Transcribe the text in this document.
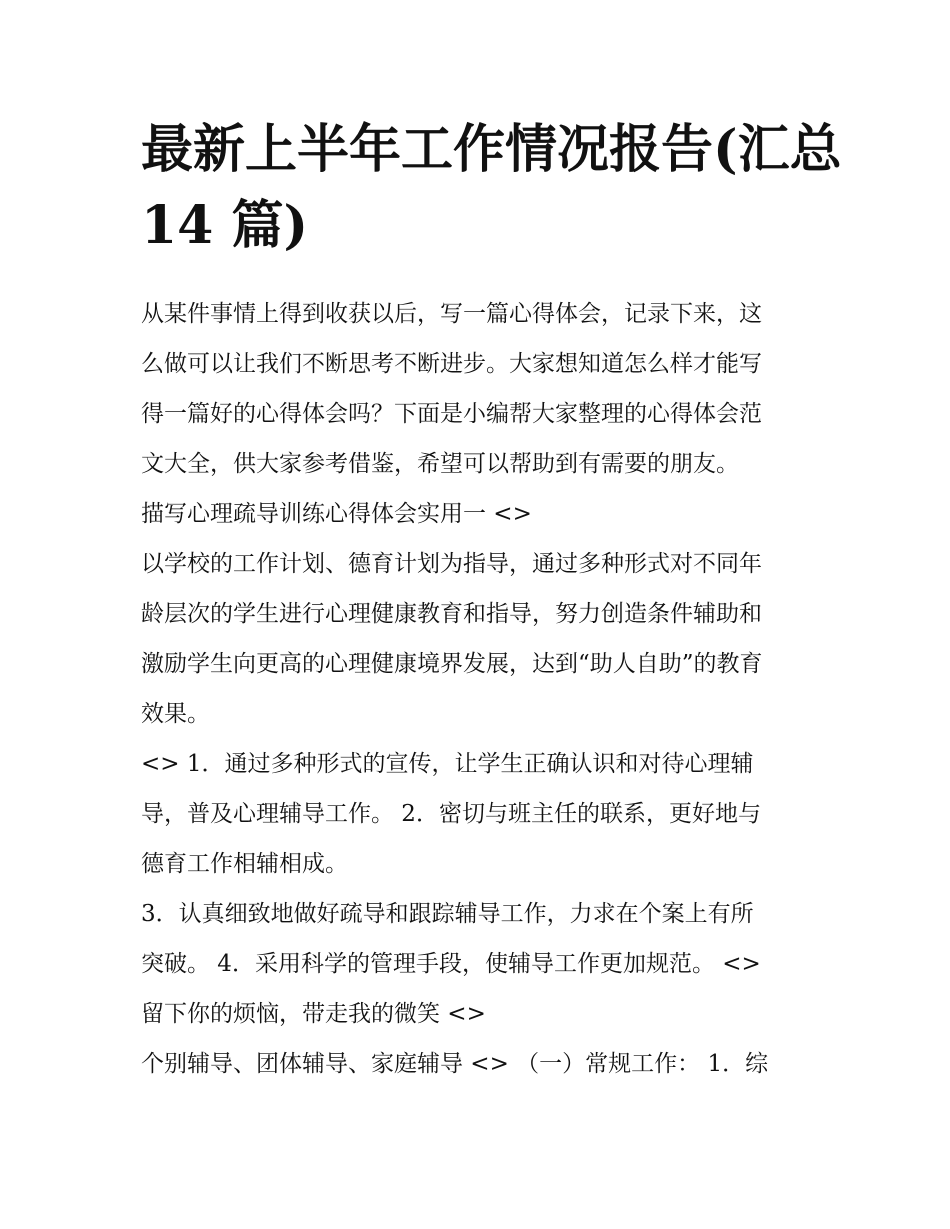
最新上半年工作情况报告(汇总
14 篇)

从某件事情上得到收获以后，写一篇心得体会，记录下来，这
么做可以让我们不断思考不断进步。大家想知道怎么样才能写
得一篇好的心得体会吗？下面是小编帮大家整理的心得体会范
文大全，供大家参考借鉴，希望可以帮助到有需要的朋友。

描写心理疏导训练心得体会实用一 <>

以学校的工作计划、德育计划为指导，通过多种形式对不同年
龄层次的学生进行心理健康教育和指导，努力创造条件辅助和
激励学生向更高的心理健康境界发展，达到“助人自助”的教育
效果。

<> 1．通过多种形式的宣传，让学生正确认识和对待心理辅
导，普及心理辅导工作。 2．密切与班主任的联系，更好地与
德育工作相辅相成。

3．认真细致地做好疏导和跟踪辅导工作，力求在个案上有所
突破。 4．采用科学的管理手段，使辅导工作更加规范。 <>
留下你的烦恼，带走我的微笑 <>

个别辅导、团体辅导、家庭辅导 <> （一）常规工作： 1．综
